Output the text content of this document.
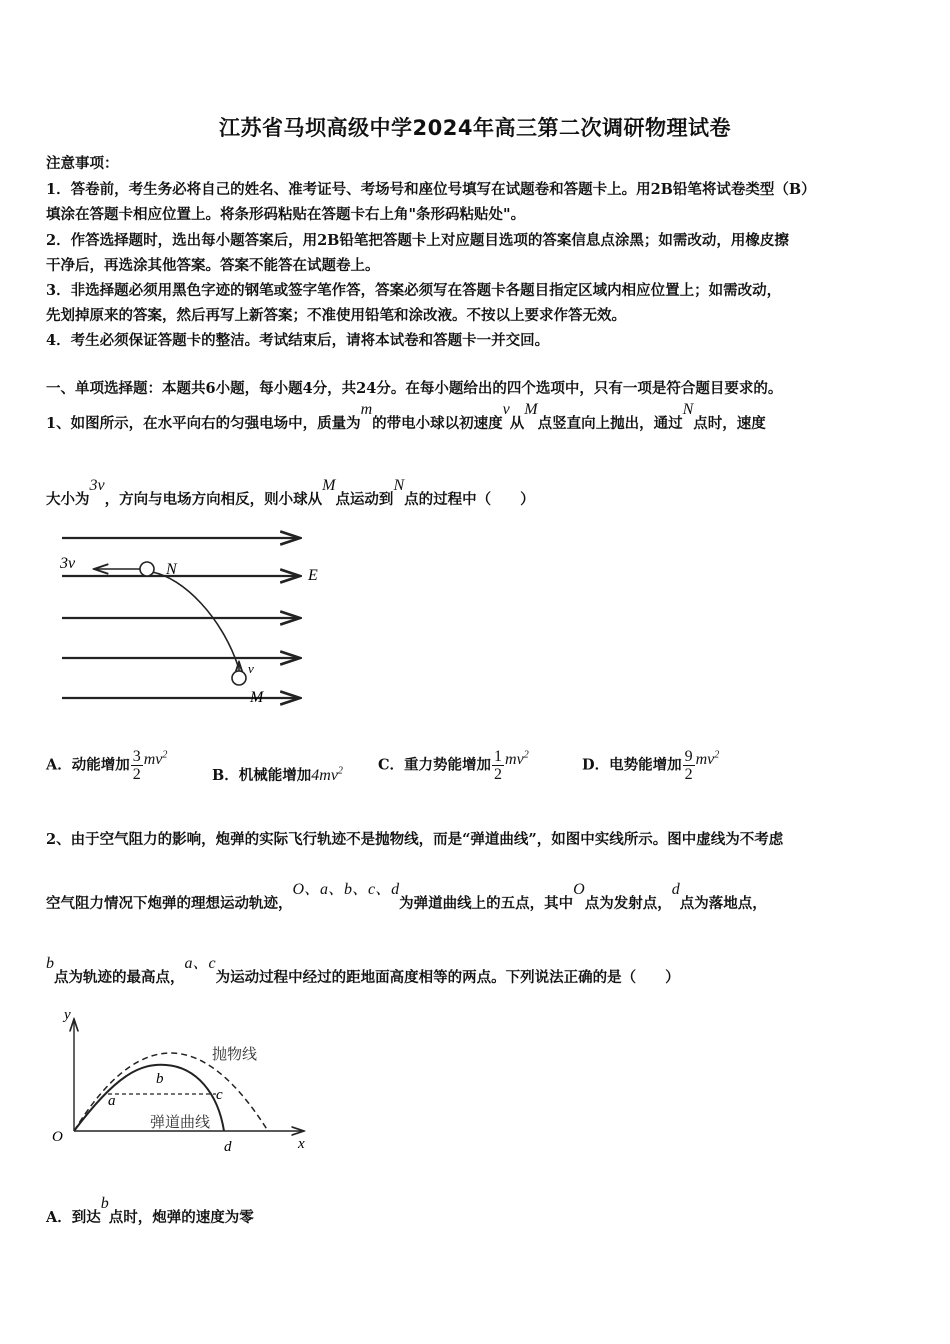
江苏省马坝高级中学2024年高三第二次调研物理试卷
注意事项：
1．答卷前，考生务必将自己的姓名、准考证号、考场号和座位号填写在试题卷和答题卡上。用2B铅笔将试卷类型（B）
填涂在答题卡相应位置上。将条形码粘贴在答题卡右上角"条形码粘贴处"。
2．作答选择题时，选出每小题答案后，用2B铅笔把答题卡上对应题目选项的答案信息点涂黑；如需改动，用橡皮擦
干净后，再选涂其他答案。答案不能答在试题卷上。
3．非选择题必须用黑色字迹的钢笔或签字笔作答，答案必须写在答题卡各题目指定区域内相应位置上；如需改动，
先划掉原来的答案，然后再写上新答案；不准使用铅笔和涂改液。不按以上要求作答无效。
4．考生必须保证答题卡的整洁。考试结束后，请将本试卷和答题卡一并交回。
一、单项选择题：本题共6小题，每小题4分，共24分。在每小题给出的四个选项中，只有一项是符合题目要求的。
1、如图所示，在水平向右的匀强电场中，质量为m的带电小球以初速度v从M点竖直向上抛出，通过N点时，速度
大小为3v，方向与电场方向相反，则小球从M点运动到N点的过程中（　　）
3v	N	E
v
M
A．动能增加 $\frac{3}{2} mv^2$
B．机械能增加$4mv^2$ C．重力势能增加 $\frac{1}{2} mv^2$
D．电势能增加 $\frac{9}{2} mv^2$
2、由于空气阻力的影响，炮弹的实际飞行轨迹不是抛物线，而是“弹道曲线”，如图中实线所示。图中虚线为不考虑
空气阻力情况下炮弹的理想运动轨迹，O、a、b、c、d为弹道曲线上的五点，其中O点为发射点，d点为落地点，
b点为轨迹的最高点，a、c为运动过程中经过的距地面高度相等的两点。下列说法正确的是（　　）
y
x
O
a
b
c
d
抛物线
弹道曲线
A．到达b点时，炮弹的速度为零
